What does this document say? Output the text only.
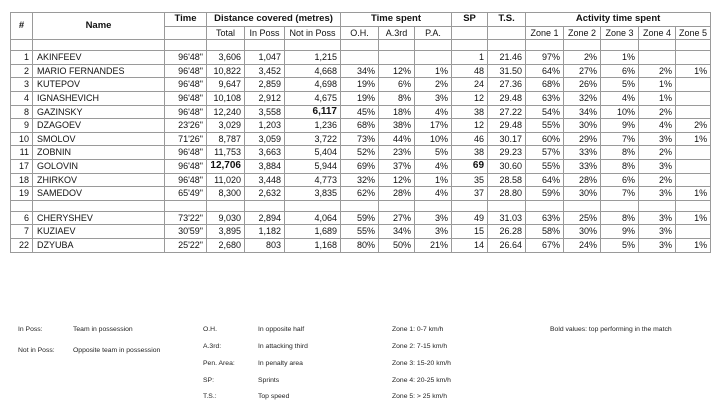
#	Name	Time	Distance covered (metres)			Time spent			SP	T.S.	Activity time spent				
			Total	In Poss	Not in Poss	O.H.	A.3rd	P.A.			Zone 1	Zone 2	Zone 3	Zone 4	Zone 5

1	AKINFEEV	96'48"	3,606	1,047	1,215				1	21.46	97%	2%	1%		
2	MARIO FERNANDES	96'48"	10,822	3,452	4,668	34%	12%	1%	48	31.50	64%	27%	6%	2%	1%
3	KUTEPOV	96'48"	9,647	2,859	4,698	19%	6%	2%	24	27.36	68%	26%	5%	1%	
4	IGNASHEVICH	96'48"	10,108	2,912	4,675	19%	8%	3%	12	29.48	63%	32%	4%	1%	
8	GAZINSKY	96'48"	12,240	3,558	6,117	45%	18%	4%	38	27.22	54%	34%	10%	2%	
9	DZAGOEV	23'26"	3,029	1,203	1,236	68%	38%	17%	12	29.48	55%	30%	9%	4%	2%
10	SMOLOV	71'26"	8,787	3,059	3,722	73%	44%	10%	46	30.17	60%	29%	7%	3%	1%
11	ZOBNIN	96'48"	11,753	3,663	5,404	52%	23%	5%	38	29.23	57%	33%	8%	2%	
17	GOLOVIN	96'48"	12,706	3,884	5,944	69%	37%	4%	69	30.60	55%	33%	8%	3%	
18	ZHIRKOV	96'48"	11,020	3,448	4,773	32%	12%	1%	35	28.58	64%	28%	6%	2%	
19	SAMEDOV	65'49"	8,300	2,632	3,835	62%	28%	4%	37	28.80	59%	30%	7%	3%	1%

6	CHERYSHEV	73'22"	9,030	2,894	4,064	59%	27%	3%	49	31.03	63%	25%	8%	3%	1%
7	KUZIAEV	30'59"	3,895	1,182	1,689	55%	34%	3%	15	26.28	58%	30%	9%	3%	
22	DZYUBA	25'22"	2,680	803	1,168	80%	50%	21%	14	26.64	67%	24%	5%	3%	1%
In Poss:	Team in possession
Not in Poss:	Opposite team in possession
O.H.	In opposite half
A.3rd:	In attacking third
Pen. Area:	In penalty area
SP:	Sprints
T.S.:	Top speed
Zone 1: 0-7 km/h
Zone 2: 7-15 km/h
Zone 3: 15-20 km/h
Zone 4: 20-25 km/h
Zone 5: > 25 km/h
Bold values: top performing in the match
